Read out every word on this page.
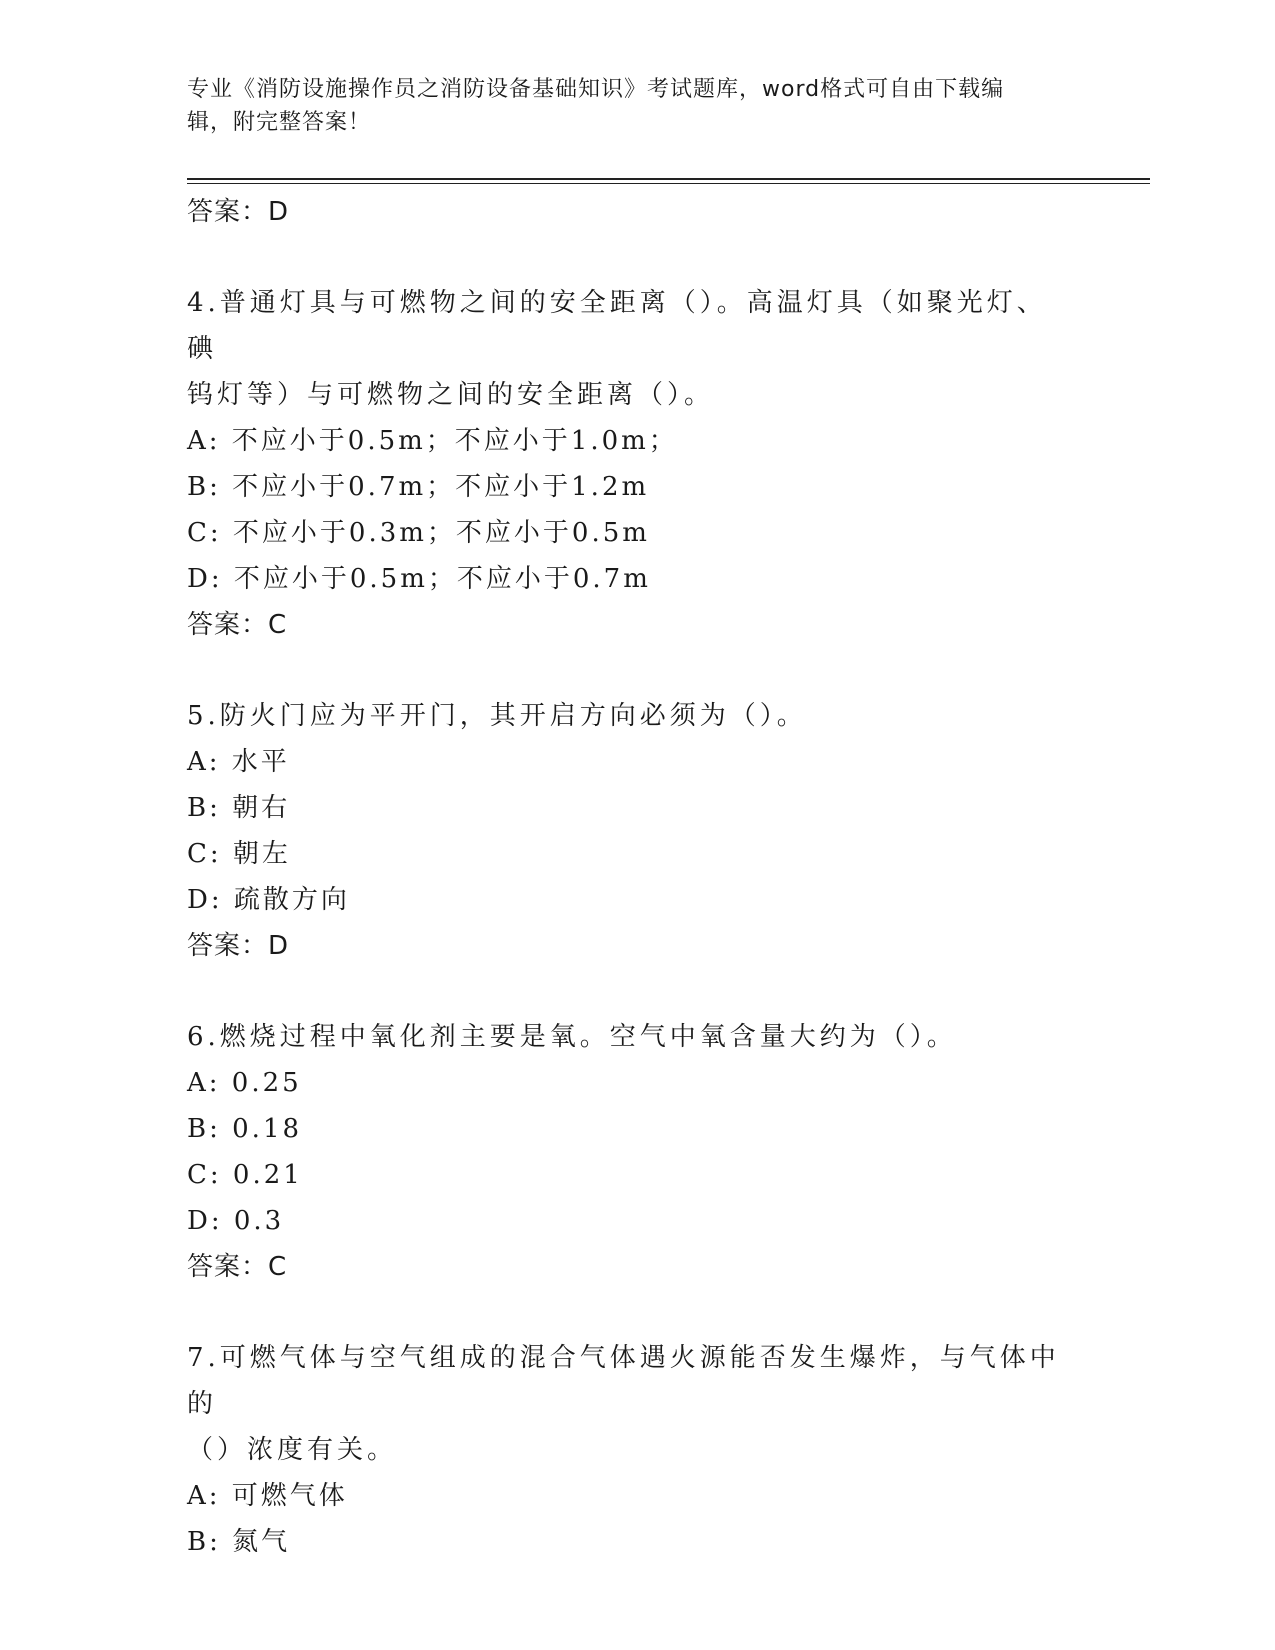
专业《消防设施操作员之消防设备基础知识》考试题库，word格式可自由下载编
辑，附完整答案！
答案：D
4.普通灯具与可燃物之间的安全距离（）。高温灯具（如聚光灯、碘
钨灯等）与可燃物之间的安全距离（）。
A: 不应小于0.5m；不应小于1.0m；
B: 不应小于0.7m；不应小于1.2m
C: 不应小于0.3m；不应小于0.5m
D: 不应小于0.5m；不应小于0.7m
答案：C
5.防火门应为平开门，其开启方向必须为（）。
A: 水平
B: 朝右
C: 朝左
D: 疏散方向
答案：D
6.燃烧过程中氧化剂主要是氧。空气中氧含量大约为（）。
A: 0.25
B: 0.18
C: 0.21
D: 0.3
答案：C
7.可燃气体与空气组成的混合气体遇火源能否发生爆炸，与气体中的
（）浓度有关。
A: 可燃气体
B: 氮气
